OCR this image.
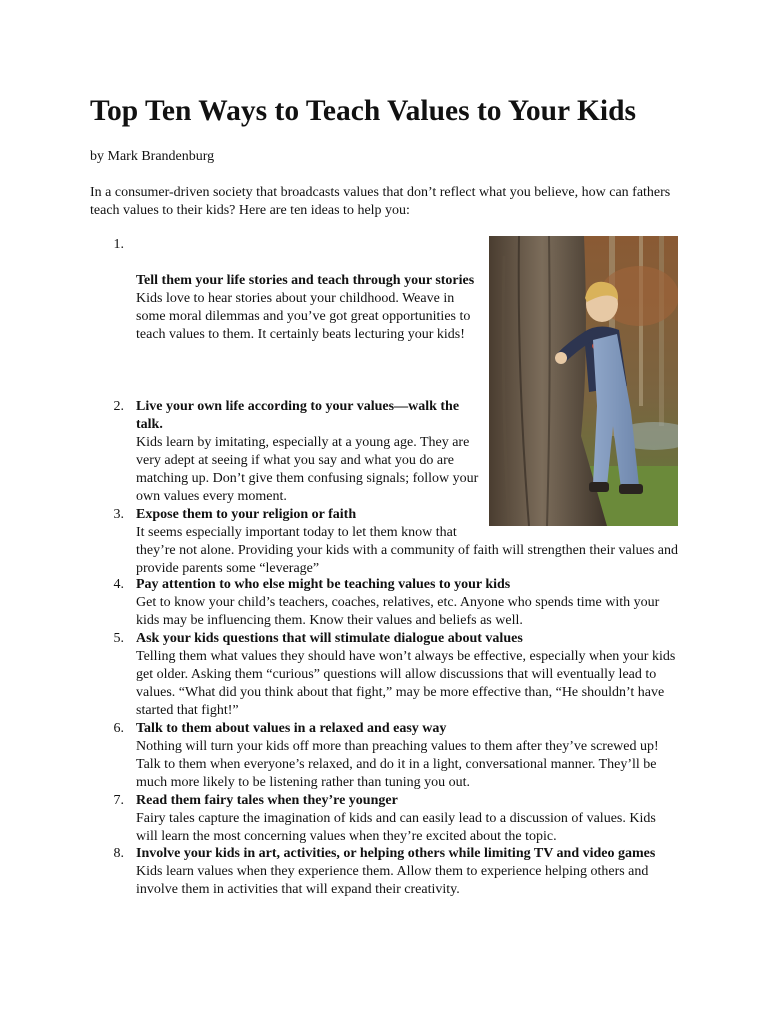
Top Ten Ways to Teach Values to Your Kids

by Mark Brandenburg

In a consumer-driven society that broadcasts values that don’t reflect what you believe, how can fathers teach values to their kids? Here are ten ideas to help you:

1.
Tell them your life stories and teach through your stories
Kids love to hear stories about your childhood. Weave in some moral dilemmas and you’ve got great opportunities to teach values to them. It certainly beats lecturing your kids!
2. Live your own life according to your values—walk the talk.
Kids learn by imitating, especially at a young age. They are very adept at seeing if what you say and what you do are matching up. Don’t give them confusing signals; follow your own values every moment.
3. Expose them to your religion or faith
It seems especially important today to let them know that
they’re not alone. Providing your kids with a community of faith will strengthen their values and provide parents some “leverage”
4. Pay attention to who else might be teaching values to your kids
Get to know your child’s teachers, coaches, relatives, etc. Anyone who spends time with your kids may be influencing them. Know their values and beliefs as well.
5. Ask your kids questions that will stimulate dialogue about values
Telling them what values they should have won’t always be effective, especially when your kids get older. Asking them “curious” questions will allow discussions that will eventually lead to values. “What did you think about that fight,” may be more effective than, “He shouldn’t have started that fight!”
6. Talk to them about values in a relaxed and easy way
Nothing will turn your kids off more than preaching values to them after they’ve screwed up! Talk to them when everyone’s relaxed, and do it in a light, conversational manner. They’ll be much more likely to be listening rather than tuning you out.
7. Read them fairy tales when they’re younger
Fairy tales capture the imagination of kids and can easily lead to a discussion of values. Kids will learn the most concerning values when they’re excited about the topic.
8. Involve your kids in art, activities, or helping others while limiting TV and video games
Kids learn values when they experience them. Allow them to experience helping others and involve them in activities that will expand their creativity.
